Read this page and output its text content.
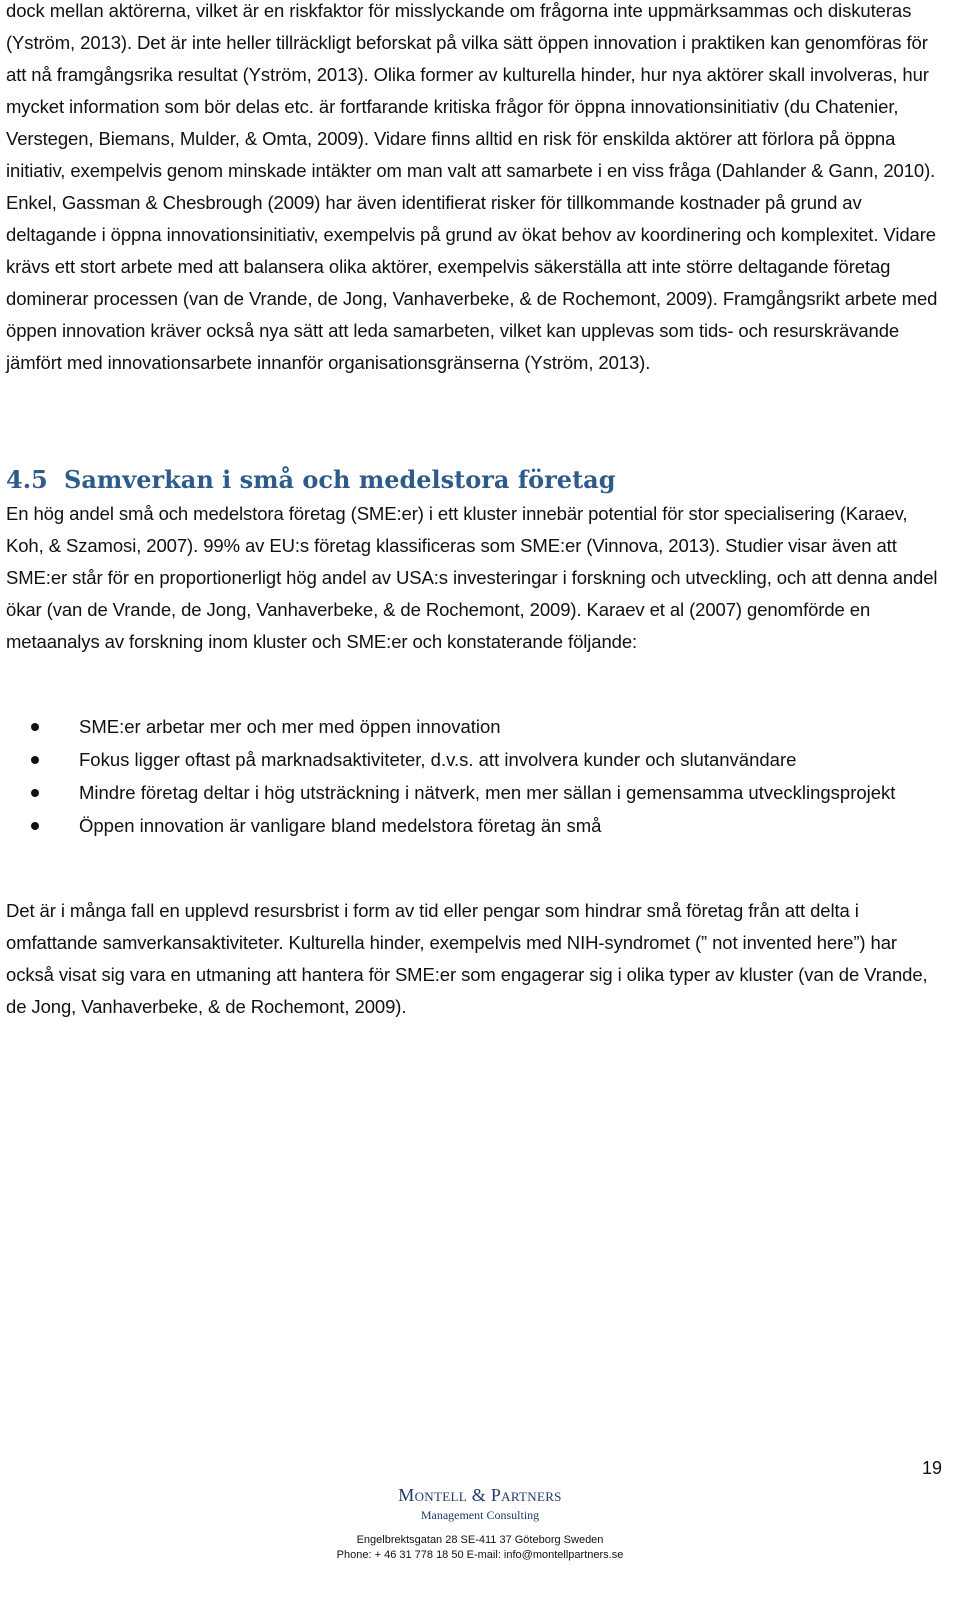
dock mellan aktörerna, vilket är en riskfaktor för misslyckande om frågorna inte uppmärksammas och diskuteras (Yström, 2013). Det är inte heller tillräckligt beforskat på vilka sätt öppen innovation i praktiken kan genomföras för att nå framgångsrika resultat (Yström, 2013). Olika former av kulturella hinder, hur nya aktörer skall involveras, hur mycket information som bör delas etc. är fortfarande kritiska frågor för öppna innovationsinitiativ (du Chatenier, Verstegen, Biemans, Mulder, & Omta, 2009). Vidare finns alltid en risk för enskilda aktörer att förlora på öppna initiativ, exempelvis genom minskade intäkter om man valt att samarbete i en viss fråga (Dahlander & Gann, 2010). Enkel, Gassman & Chesbrough (2009) har även identifierat risker för tillkommande kostnader på grund av deltagande i öppna innovationsinitiativ, exempelvis på grund av ökat behov av koordinering och komplexitet. Vidare krävs ett stort arbete med att balansera olika aktörer, exempelvis säkerställa att inte större deltagande företag dominerar processen (van de Vrande, de Jong, Vanhaverbeke, & de Rochemont, 2009). Framgångsrikt arbete med öppen innovation kräver också nya sätt att leda samarbeten, vilket kan upplevas som tids- och resurskrävande jämfört med innovationsarbete innanför organisationsgränserna (Yström, 2013).

4.5 Samverkan i små och medelstora företag

En hög andel små och medelstora företag (SME:er) i ett kluster innebär potential för stor specialisering (Karaev, Koh, & Szamosi, 2007). 99% av EU:s företag klassificeras som SME:er (Vinnova, 2013). Studier visar även att SME:er står för en proportionerligt hög andel av USA:s investeringar i forskning och utveckling, och att denna andel ökar (van de Vrande, de Jong, Vanhaverbeke, & de Rochemont, 2009). Karaev et al (2007) genomförde en metaanalys av forskning inom kluster och SME:er och konstaterande följande:

SME:er arbetar mer och mer med öppen innovation
Fokus ligger oftast på marknadsaktiviteter, d.v.s. att involvera kunder och slutanvändare
Mindre företag deltar i hög utsträckning i nätverk, men mer sällan i gemensamma utvecklingsprojekt
Öppen innovation är vanligare bland medelstora företag än små

Det är i många fall en upplevd resursbrist i form av tid eller pengar som hindrar små företag från att delta i omfattande samverkansaktiviteter. Kulturella hinder, exempelvis med NIH-syndromet (” not invented here”) har också visat sig vara en utmaning att hantera för SME:er som engagerar sig i olika typer av kluster (van de Vrande, de Jong, Vanhaverbeke, & de Rochemont, 2009).

19
Montell & Partners
Management Consulting
Engelbrektsgatan 28 SE-411 37 Göteborg Sweden
Phone: + 46 31 778 18 50 E-mail: info@montellpartners.se
